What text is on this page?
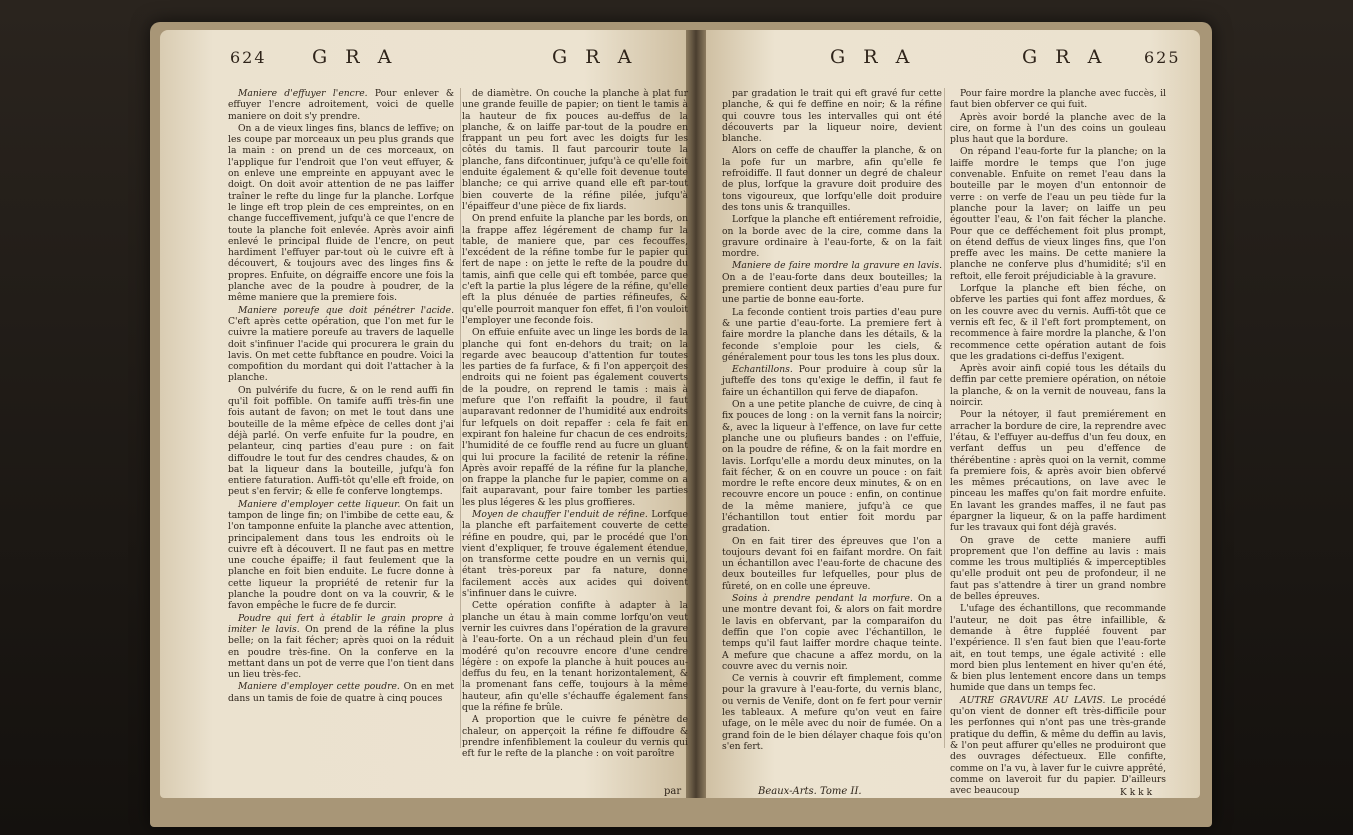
624 G R A	G R A	G R A	G R A 625

Maniere d'effuyer l'encre. Pour enlever & effuyer l'encre adroitement, voici de quelle maniere on doit s'y prendre.

On a de vieux linges fins, blancs de leffive; on les coupe par morceaux un peu plus grands que la main : on prend un de ces morceaux, on l'applique fur l'endroit que l'on veut effuyer, & on enleve une empreinte en appuyant avec le doigt. On doit avoir attention de ne pas laiffer traîner le refte du linge fur la planche. Lorfque le linge eft trop plein de ces empreintes, on en change fucceffivement, jufqu'à ce que l'encre de toute la planche foit enlevée. Après avoir ainfi enlevé le principal fluide de l'encre, on peut hardiment l'effuyer par-tout où le cuivre eft à découvert, & toujours avec des linges fins & propres. Enfuite, on dégraiffe encore une fois la planche avec de la poudre à poudrer, de la même maniere que la premiere fois.

Maniere poreufe que doit pénétrer l'acide. C'eft après cette opération, que l'on met fur le cuivre la matiere poreufe au travers de laquelle doit s'infinuer l'acide qui procurera le grain du lavis. On met cette fubftance en poudre. Voici la compofition du mordant qui doit l'attacher à la planche.

On pulvérife du fucre, & on le rend auffi fin qu'il foit poffible. On tamife auffi très-fin une fois autant de favon; on met le tout dans une bouteille de la même efpèce de celles dont j'ai déjà parlé. On verfe enfuite fur la poudre, en pelanteur, cinq parties d'eau pure : on fait diffoudre le tout fur des cendres chaudes, & on bat la liqueur dans la bouteille, jufqu'à fon entiere faturation. Auffi-tôt qu'elle eft froide, on peut s'en fervir; & elle fe conferve longtemps.

Maniere d'employer cette liqueur. On fait un tampon de linge fin; on l'imbibe de cette eau, & l'on tamponne enfuite la planche avec attention, principalement dans tous les endroits où le cuivre eft à découvert. Il ne faut pas en mettre une couche épaiffe; il faut feulement que la planche en foit bien enduite. Le fucre donne à cette liqueur la propriété de retenir fur la planche la poudre dont on va la couvrir, & le favon empêche le fucre de fe durcir.

Poudre qui fert à établir le grain propre à imiter le lavis. On prend de la réfine la plus belle; on la fait fécher; après quoi on la réduit en poudre très-fine. On la conferve en la mettant dans un pot de verre que l'on tient dans un lieu très-fec.

Maniere d'employer cette poudre. On en met dans un tamis de foie de quatre à cinq pouces

de diamètre. On couche la planche à plat fur une grande feuille de papier; on tient le tamis à la hauteur de fix pouces au-deffus de la planche, & on laiffe par-tout de la poudre en frappant un peu fort avec les doigts fur les côtés du tamis. Il faut parcourir toute la planche, fans difcontinuer, jufqu'à ce qu'elle foit enduite également & qu'elle foit devenue toute blanche; ce qui arrive quand elle eft par-tout bien couverte de la réfine pilée, jufqu'à l'épaiffeur d'une pièce de fix liards.

On prend enfuite la planche par les bords, on la frappe affez légérement de champ fur la table, de maniere que, par ces fecouffes, l'excédent de la réfine tombe fur le papier qui fert de nape : on jette le refte de la poudre du tamis, ainfi que celle qui eft tombée, parce que c'eft la partie la plus légere de la réfine, qu'elle eft la plus dénuée de parties réfineufes, & qu'elle pourroit manquer fon effet, fi l'on vouloit l'employer une feconde fois.

On effuie enfuite avec un linge les bords de la planche qui font en-dehors du trait; on la regarde avec beaucoup d'attention fur toutes les parties de fa furface, & fi l'on apperçoit des endroits qui ne foient pas également couverts de la poudre, on reprend le tamis : mais à mefure que l'on reffaifit la poudre, il faut auparavant redonner de l'humidité aux endroits fur lefquels on doit repaffer : cela fe fait en expirant fon haleine fur chacun de ces endroits; l'humidité de ce fouffle rend au fucre un gluant qui lui procure la facilité de retenir la réfine. Après avoir repaffé de la réfine fur la planche, on frappe la planche fur le papier, comme on a fait auparavant, pour faire tomber les parties les plus légeres & les plus groffieres.

Moyen de chauffer l'enduit de réfine. Lorfque la planche eft parfaitement couverte de cette réfine en poudre, qui, par le procédé que l'on vient d'expliquer, fe trouve également étendue, on transforme cette poudre en un vernis qui, étant très-poreux par fa nature, donne facilement accès aux acides qui doivent s'infinuer dans le cuivre.

Cette opération confifte à adapter à la planche un étau à main comme lorfqu'on veut vernir les cuivres dans l'opération de la gravure à l'eau-forte. On a un réchaud plein d'un feu modéré qu'on recouvre encore d'une cendre légère : on expofe la planche à huit pouces au-deffus du feu, en la tenant horizontalement, & la promenant fans ceffe, toujours à la même hauteur, afin qu'elle s'échauffe également fans que la réfine fe brûle.

A proportion que le cuivre fe pénètre de chaleur, on apperçoit la réfine fe diffoudre & prendre infenfiblement la couleur du vernis qui eft fur le refte de la planche : on voit paroître

par

par gradation le trait qui eft gravé fur cette planche, & qui fe deffine en noir; & la réfine qui couvre tous les intervalles qui ont été découverts par la liqueur noire, devient blanche.

Alors on ceffe de chauffer la planche, & on la pofe fur un marbre, afin qu'elle fe refroidiffe. Il faut donner un degré de chaleur de plus, lorfque la gravure doit produire des tons vigoureux, que lorfqu'elle doit produire des tons unis & tranquilles.

Lorfque la planche eft entiérement refroidie, on la borde avec de la cire, comme dans la gravure ordinaire à l'eau-forte, & on la fait mordre.

Maniere de faire mordre la gravure en lavis. On a de l'eau-forte dans deux bouteilles; la premiere contient deux parties d'eau pure fur une partie de bonne eau-forte.

La feconde contient trois parties d'eau pure & une partie d'eau-forte. La premiere fert à faire mordre la planche dans les détails, & la feconde s'emploie pour les ciels, & généralement pour tous les tons les plus doux.

Echantillons. Pour produire à coup sûr la jufteffe des tons qu'exige le deffin, il faut fe faire un échantillon qui ferve de diapafon.

On a une petite planche de cuivre, de cinq à fix pouces de long : on la vernit fans la noircir; &, avec la liqueur à l'effence, on lave fur cette planche une ou plufieurs bandes : on l'effuie, on la poudre de réfine, & on la fait mordre en lavis. Lorfqu'elle a mordu deux minutes, on la fait fécher, & on en couvre un pouce : on fait mordre le refte encore deux minutes, & on en recouvre encore un pouce : enfin, on continue de la même maniere, jufqu'à ce que l'échantillon tout entier foit mordu par gradation.

On en fait tirer des épreuves que l'on a toujours devant foi en faifant mordre. On fait un échantillon avec l'eau-forte de chacune des deux bouteilles fur lefquelles, pour plus de fûreté, on en colle une épreuve.

Soins à prendre pendant la morfure. On a une montre devant foi, & alors on fait mordre le lavis en obfervant, par la comparaifon du deffin que l'on copie avec l'échantillon, le temps qu'il faut laiffer mordre chaque teinte. A mefure que chacune a affez mordu, on la couvre avec du vernis noir.

Ce vernis à couvrir eft fimplement, comme pour la gravure à l'eau-forte, du vernis blanc, ou vernis de Venife, dont on fe fert pour vernir les tableaux. A mefure qu'on veut en faire ufage, on le mêle avec du noir de fumée. On a grand foin de le bien délayer chaque fois qu'on s'en fert.

Pour faire mordre la planche avec fuccès, il faut bien obferver ce qui fuit.

Après avoir bordé la planche avec de la cire, on forme à l'un des coins un gouleau plus haut que la bordure.

On répand l'eau-forte fur la planche; on la laiffe mordre le temps que l'on juge convenable. Enfuite on remet l'eau dans la bouteille par le moyen d'un entonnoir de verre : on verfe de l'eau un peu tiède fur la planche pour la laver; on laiffe un peu égoutter l'eau, & l'on fait fécher la planche. Pour que ce defféchement foit plus prompt, on étend deffus de vieux linges fins, que l'on preffe avec les mains. De cette maniere la planche ne conferve plus d'humidité; s'il en reftoit, elle feroit préjudiciable à la gravure.

Lorfque la planche eft bien féche, on obferve les parties qui font affez mordues, & on les couvre avec du vernis. Auffi-tôt que ce vernis eft fec, & il l'eft fort promptement, on recommence à faire mordre la planche, & l'on recommence cette opération autant de fois que les gradations ci-deffus l'exigent.

Après avoir ainfi copié tous les détails du deffin par cette premiere opération, on nétoie la planche, & on la vernit de nouveau, fans la noircir.

Pour la nétoyer, il faut premiérement en arracher la bordure de cire, la reprendre avec l'étau, & l'effuyer au-deffus d'un feu doux, en verfant deffus un peu d'effence de thérébentine : après quoi on la vernit, comme fa premiere fois, & après avoir bien obfervé les mêmes précautions, on lave avec le pinceau les maffes qu'on fait mordre enfuite. En lavant les grandes maffes, il ne faut pas épargner la liqueur, & on la paffe hardiment fur les travaux qui font déjà gravés.

On grave de cette maniere auffi proprement que l'on deffine au lavis : mais comme les trous multipliés & imperceptibles qu'elle produit ont peu de profondeur, il ne faut pas s'attendre à tirer un grand nombre de belles épreuves.

L'ufage des échantillons, que recommande l'auteur, ne doit pas être infaillible, & demande à être fuppléé fouvent par l'expérience. Il s'en faut bien que l'eau-forte ait, en tout temps, une égale activité : elle mord bien plus lentement en hiver qu'en été, & bien plus lentement encore dans un temps humide que dans un temps fec.

AUTRE GRAVURE AU LAVIS. Le procédé qu'on vient de donner eft très-difficile pour les perfonnes qui n'ont pas une très-grande pratique du deffin, & même du deffin au lavis, & l'on peut affurer qu'elles ne produiront que des ouvrages défectueux. Elle confifte, comme on l'a vu, à laver fur le cuivre apprêté, comme on laveroit fur du papier. D'ailleurs avec beaucoup

Beaux-Arts. Tome II.	Kkkk
